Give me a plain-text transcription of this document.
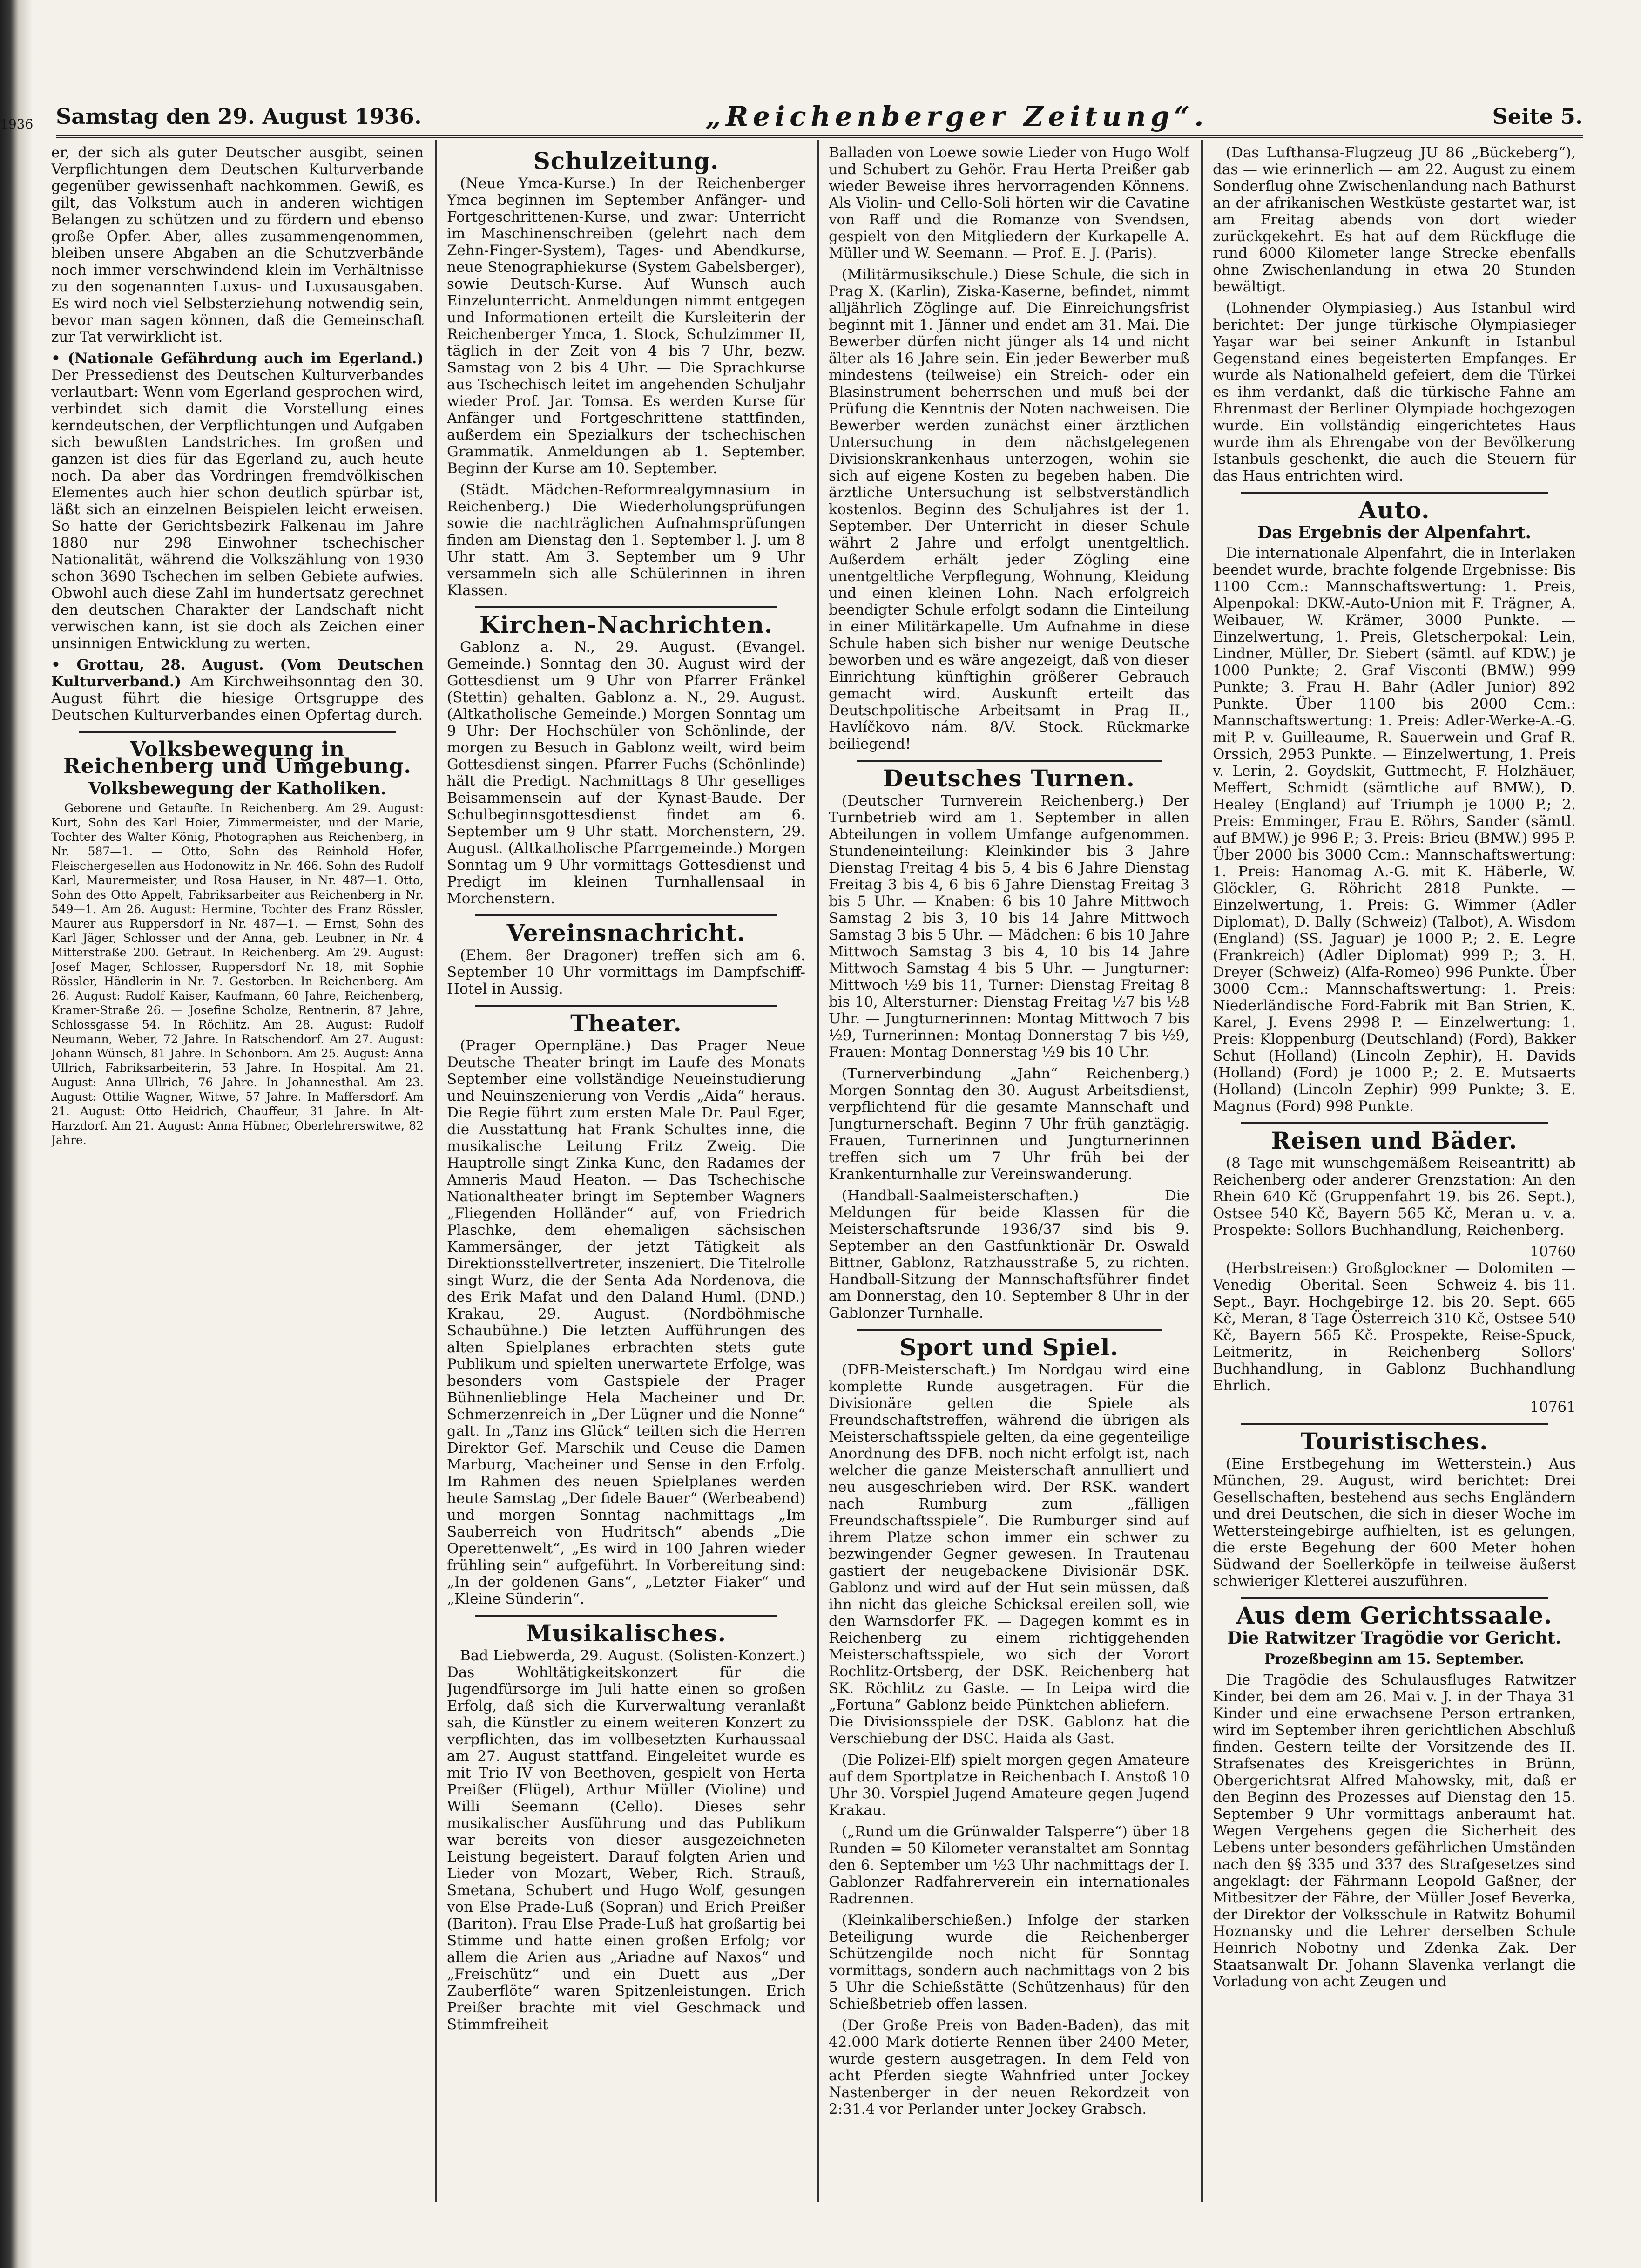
1936 Samstag den 29. August 1936.	„Reichenberger Zeitung“.	Seite 5.

er, der sich als guter Deutscher ausgibt, seinen Verpflichtungen dem Deutschen Kulturverbande gegenüber gewissenhaft nachkommen. Gewiß, es gilt, das Volkstum auch in anderen wichtigen Belangen zu schützen und zu fördern und ebenso große Opfer. Aber, alles zusammengenommen, bleiben unsere Abgaben an die Schutzverbände noch immer verschwindend klein im Verhältnisse zu den sogenannten Luxus- und Luxusausgaben. Es wird noch viel Selbsterziehung notwendig sein, bevor man sagen können, daß die Gemeinschaft zur Tat verwirklicht ist.

• (Nationale Gefährdung auch im Egerland.) Der Pressedienst des Deutschen Kulturverbandes verlautbart: Wenn vom Egerland gesprochen wird, verbindet sich damit die Vorstellung eines kerndeutschen, der Verpflichtungen und Aufgaben sich bewußten Landstriches. Im großen und ganzen ist dies für das Egerland zu, auch heute noch. Da aber das Vordringen fremdvölkischen Elementes auch hier schon deutlich spürbar ist, läßt sich an einzelnen Beispielen leicht erweisen. So hatte der Gerichtsbezirk Falkenau im Jahre 1880 nur 298 Einwohner tschechischer Nationalität, während die Volkszählung von 1930 schon 3690 Tschechen im selben Gebiete aufwies. Obwohl auch diese Zahl im hundertsatz gerechnet den deutschen Charakter der Landschaft nicht verwischen kann, ist sie doch als Zeichen einer unsinnigen Entwicklung zu werten.

• Grottau, 28. August. (Vom Deutschen Kulturverband.) Am Kirchweihsonntag den 30. August führt die hiesige Ortsgruppe des Deutschen Kulturverbandes einen Opfertag durch.

Volksbewegung in Reichenberg und Umgebung.
Volksbewegung der Katholiken.

Geborene und Getaufte. In Reichenberg. Am 29. August: Kurt, Sohn des Karl Hoier, Zimmermeister, und der Marie, Tochter des Walter König, Photographen aus Reichenberg, in Nr. 587—1. — Otto, Sohn des Reinhold Hofer, Fleischergesellen aus Hodonowitz in Nr. 466. Sohn des Rudolf Karl, Maurermeister, und Rosa Hauser, in Nr. 487—1. Otto, Sohn des Otto Appelt, Fabriksarbeiter aus Reichenberg in Nr. 549—1. Am 26. August: Hermine, Tochter des Franz Rössler, Maurer aus Ruppersdorf in Nr. 487—1. — Ernst, Sohn des Karl Jäger, Schlosser und der Anna, geb. Leubner, in Nr. 4 Mitterstraße 200. Getraut. In Reichenberg. Am 29. August: Josef Mager, Schlosser, Ruppersdorf Nr. 18, mit Sophie Rössler, Händlerin in Nr. 7. Gestorben. In Reichenberg. Am 26. August: Rudolf Kaiser, Kaufmann, 60 Jahre, Reichenberg, Kramer-Straße 26. — Josefine Scholze, Rentnerin, 87 Jahre, Schlossgasse 54. In Röchlitz. Am 28. August: Rudolf Neumann, Weber, 72 Jahre. In Ratschendorf. Am 27. August: Johann Wünsch, 81 Jahre. In Schönborn. Am 25. August: Anna Ullrich, Fabriksarbeiterin, 53 Jahre. In Hospital. Am 21. August: Anna Ullrich, 76 Jahre. In Johannesthal. Am 23. August: Ottilie Wagner, Witwe, 57 Jahre. In Maffersdorf. Am 21. August: Otto Heidrich, Chauffeur, 31 Jahre. In Alt-Harzdorf. Am 21. August: Anna Hübner, Oberlehrerswitwe, 82 Jahre.

Schulzeitung.

(Neue Ymca-Kurse.) In der Reichenberger Ymca beginnen im September Anfänger- und Fortgeschrittenen-Kurse, und zwar: Unterricht im Maschinenschreiben (gelehrt nach dem Zehn-Finger-System), Tages- und Abendkurse, neue Stenographiekurse (System Gabelsberger), sowie Deutsch-Kurse. Auf Wunsch auch Einzelunterricht. Anmeldungen nimmt entgegen und Informationen erteilt die Kursleiterin der Reichenberger Ymca, 1. Stock, Schulzimmer II, täglich in der Zeit von 4 bis 7 Uhr, bezw. Samstag von 2 bis 4 Uhr. — Die Sprachkurse aus Tschechisch leitet im angehenden Schuljahr wieder Prof. Jar. Tomsa. Es werden Kurse für Anfänger und Fortgeschrittene stattfinden, außerdem ein Spezialkurs der tschechischen Grammatik. Anmeldungen ab 1. September. Beginn der Kurse am 10. September.

(Städt. Mädchen-Reformrealgymnasium in Reichenberg.) Die Wiederholungsprüfungen sowie die nachträglichen Aufnahmsprüfungen finden am Dienstag den 1. September l. J. um 8 Uhr statt. Am 3. September um 9 Uhr versammeln sich alle Schülerinnen in ihren Klassen.

Kirchen-Nachrichten.

Gablonz a. N., 29. August. (Evangel. Gemeinde.) Sonntag den 30. August wird der Gottesdienst um 9 Uhr von Pfarrer Fränkel (Stettin) gehalten. Gablonz a. N., 29. August. (Altkatholische Gemeinde.) Morgen Sonntag um 9 Uhr: Der Hochschüler von Schönlinde, der morgen zu Besuch in Gablonz weilt, wird beim Gottesdienst singen. Pfarrer Fuchs (Schönlinde) hält die Predigt. Nachmittags 8 Uhr geselliges Beisammensein auf der Kynast-Baude. Der Schulbeginnsgottesdienst findet am 6. September um 9 Uhr statt. Morchenstern, 29. August. (Altkatholische Pfarrgemeinde.) Morgen Sonntag um 9 Uhr vormittags Gottesdienst und Predigt im kleinen Turnhallensaal in Morchenstern.

Vereinsnachricht.

(Ehem. 8er Dragoner) treffen sich am 6. September 10 Uhr vormittags im Dampfschiff-Hotel in Aussig.

Theater.

(Prager Opernpläne.) Das Prager Neue Deutsche Theater bringt im Laufe des Monats September eine vollständige Neueinstudierung und Neuinszenierung von Verdis „Aida“ heraus. Die Regie führt zum ersten Male Dr. Paul Eger, die Ausstattung hat Frank Schultes inne, die musikalische Leitung Fritz Zweig. Die Hauptrolle singt Zinka Kunc, den Radames der Amneris Maud Heaton. — Das Tschechische Nationaltheater bringt im September Wagners „Fliegenden Holländer“ auf, von Friedrich Plaschke, dem ehemaligen sächsischen Kammersänger, der jetzt Tätigkeit als Direktionsstellvertreter, inszeniert. Die Titelrolle singt Wurz, die der Senta Ada Nordenova, die des Erik Mafat und den Daland Huml. (DND.) Krakau, 29. August. (Nordböhmische Schaubühne.) Die letzten Aufführungen des alten Spielplanes erbrachten stets gute Publikum und spielten unerwartete Erfolge, was besonders vom Gastspiele der Prager Bühnenlieblinge Hela Macheiner und Dr. Schmerzenreich in „Der Lügner und die Nonne“ galt. In „Tanz ins Glück“ teilten sich die Herren Direktor Gef. Marschik und Ceuse die Damen Marburg, Macheiner und Sense in den Erfolg. Im Rahmen des neuen Spielplanes werden heute Samstag „Der fidele Bauer“ (Werbeabend) und morgen Sonntag nachmittags „Im Sauberreich von Hudritsch“ abends „Die Operettenwelt“, „Es wird in 100 Jahren wieder frühling sein“ aufgeführt. In Vorbereitung sind: „In der goldenen Gans“, „Letzter Fiaker“ und „Kleine Sünderin“.

Musikalisches.

Bad Liebwerda, 29. August. (Solisten-Konzert.) Das Wohltätigkeitskonzert für die Jugendfürsorge im Juli hatte einen so großen Erfolg, daß sich die Kurverwaltung veranlaßt sah, die Künstler zu einem weiteren Konzert zu verpflichten, das im vollbesetzten Kurhaussaal am 27. August stattfand. Eingeleitet wurde es mit Trio IV von Beethoven, gespielt von Herta Preißer (Flügel), Arthur Müller (Violine) und Willi Seemann (Cello). Dieses sehr musikalischer Ausführung und das Publikum war bereits von dieser ausgezeichneten Leistung begeistert. Darauf folgten Arien und Lieder von Mozart, Weber, Rich. Strauß, Smetana, Schubert und Hugo Wolf, gesungen von Else Prade-Luß (Sopran) und Erich Preißer (Bariton). Frau Else Prade-Luß hat großartig bei Stimme und hatte einen großen Erfolg; vor allem die Arien aus „Ariadne auf Naxos“ und „Freischütz“ und ein Duett aus „Der Zauberflöte“ waren Spitzenleistungen. Erich Preißer brachte mit viel Geschmack und Stimmfreiheit

Balladen von Loewe sowie Lieder von Hugo Wolf und Schubert zu Gehör. Frau Herta Preißer gab wieder Beweise ihres hervorragenden Könnens. Als Violin- und Cello-Soli hörten wir die Cavatine von Raff und die Romanze von Svendsen, gespielt von den Mitgliedern der Kurkapelle A. Müller und W. Seemann. — Prof. E. J. (Paris).

(Militärmusikschule.) Diese Schule, die sich in Prag X. (Karlin), Ziska-Kaserne, befindet, nimmt alljährlich Zöglinge auf. Die Einreichungsfrist beginnt mit 1. Jänner und endet am 31. Mai. Die Bewerber dürfen nicht jünger als 14 und nicht älter als 16 Jahre sein. Ein jeder Bewerber muß mindestens (teilweise) ein Streich- oder ein Blasinstrument beherrschen und muß bei der Prüfung die Kenntnis der Noten nachweisen. Die Bewerber werden zunächst einer ärztlichen Untersuchung in dem nächstgelegenen Divisionskrankenhaus unterzogen, wohin sie sich auf eigene Kosten zu begeben haben. Die ärztliche Untersuchung ist selbstverständlich kostenlos. Beginn des Schuljahres ist der 1. September. Der Unterricht in dieser Schule währt 2 Jahre und erfolgt unentgeltlich. Außerdem erhält jeder Zögling eine unentgeltliche Verpflegung, Wohnung, Kleidung und einen kleinen Lohn. Nach erfolgreich beendigter Schule erfolgt sodann die Einteilung in einer Militärkapelle. Um Aufnahme in diese Schule haben sich bisher nur wenige Deutsche beworben und es wäre angezeigt, daß von dieser Einrichtung künftighin größerer Gebrauch gemacht wird. Auskunft erteilt das Deutschpolitische Arbeitsamt in Prag II., Havlíčkovo nám. 8/V. Stock. Rückmarke beiliegend!

Deutsches Turnen.

(Deutscher Turnverein Reichenberg.) Der Turnbetrieb wird am 1. September in allen Abteilungen in vollem Umfange aufgenommen. Stundeneinteilung: Kleinkinder bis 3 Jahre Dienstag Freitag 4 bis 5, 4 bis 6 Jahre Dienstag Freitag 3 bis 4, 6 bis 6 Jahre Dienstag Freitag 3 bis 5 Uhr. — Knaben: 6 bis 10 Jahre Mittwoch Samstag 2 bis 3, 10 bis 14 Jahre Mittwoch Samstag 3 bis 5 Uhr. — Mädchen: 6 bis 10 Jahre Mittwoch Samstag 3 bis 4, 10 bis 14 Jahre Mittwoch Samstag 4 bis 5 Uhr. — Jungturner: Mittwoch ½9 bis 11, Turner: Dienstag Freitag 8 bis 10, Altersturner: Dienstag Freitag ½7 bis ½8 Uhr. — Jungturnerinnen: Montag Mittwoch 7 bis ½9, Turnerinnen: Montag Donnerstag 7 bis ½9, Frauen: Montag Donnerstag ½9 bis 10 Uhr.

(Turnerverbindung „Jahn“ Reichenberg.) Morgen Sonntag den 30. August Arbeitsdienst, verpflichtend für die gesamte Mannschaft und Jungturnerschaft. Beginn 7 Uhr früh ganztägig. Frauen, Turnerinnen und Jungturnerinnen treffen sich um 7 Uhr früh bei der Krankenturnhalle zur Vereinswanderung.

(Handball-Saalmeisterschaften.) Die Meldungen für beide Klassen für die Meisterschaftsrunde 1936/37 sind bis 9. September an den Gastfunktionär Dr. Oswald Bittner, Gablonz, Ratzhausstraße 5, zu richten. Handball-Sitzung der Mannschaftsführer findet am Donnerstag, den 10. September 8 Uhr in der Gablonzer Turnhalle.

Sport und Spiel.

(DFB-Meisterschaft.) Im Nordgau wird eine komplette Runde ausgetragen. Für die Divisionäre gelten die Spiele als Freundschaftstreffen, während die übrigen als Meisterschaftsspiele gelten, da eine gegenteilige Anordnung des DFB. noch nicht erfolgt ist, nach welcher die ganze Meisterschaft annulliert und neu ausgeschrieben wird. Der RSK. wandert nach Rumburg zum „fälligen Freundschaftsspiele“. Die Rumburger sind auf ihrem Platze schon immer ein schwer zu bezwingender Gegner gewesen. In Trautenau gastiert der neugebackene Divisionär DSK. Gablonz und wird auf der Hut sein müssen, daß ihn nicht das gleiche Schicksal ereilen soll, wie den Warnsdorfer FK. — Dagegen kommt es in Reichenberg zu einem richtiggehenden Meisterschaftsspiele, wo sich der Vorort Rochlitz-Ortsberg, der DSK. Reichenberg hat SK. Röchlitz zu Gaste. — In Leipa wird die „Fortuna“ Gablonz beide Pünktchen abliefern. — Die Divisionsspiele der DSK. Gablonz hat die Verschiebung der DSC. Haida als Gast.

(Die Polizei-Elf) spielt morgen gegen Amateure auf dem Sportplatze in Reichenbach I. Anstoß 10 Uhr 30. Vorspiel Jugend Amateure gegen Jugend Krakau.

(„Rund um die Grünwalder Talsperre“) über 18 Runden = 50 Kilometer veranstaltet am Sonntag den 6. September um ½3 Uhr nachmittags der I. Gablonzer Radfahrerverein ein internationales Radrennen.

(Kleinkaliberschießen.) Infolge der starken Beteiligung wurde die Reichenberger Schützengilde noch nicht für Sonntag vormittags, sondern auch nachmittags von 2 bis 5 Uhr die Schießstätte (Schützenhaus) für den Schießbetrieb offen lassen.

(Der Große Preis von Baden-Baden), das mit 42.000 Mark dotierte Rennen über 2400 Meter, wurde gestern ausgetragen. In dem Feld von acht Pferden siegte Wahnfried unter Jockey Nastenberger in der neuen Rekordzeit von 2:31.4 vor Perlander unter Jockey Grabsch.

(Das Lufthansa-Flugzeug JU 86 „Bückeberg“), das — wie erinnerlich — am 22. August zu einem Sonderflug ohne Zwischenlandung nach Bathurst an der afrikanischen Westküste gestartet war, ist am Freitag abends von dort wieder zurückgekehrt. Es hat auf dem Rückfluge die rund 6000 Kilometer lange Strecke ebenfalls ohne Zwischenlandung in etwa 20 Stunden bewältigt.

(Lohnender Olympiasieg.) Aus Istanbul wird berichtet: Der junge türkische Olympiasieger Yaşar war bei seiner Ankunft in Istanbul Gegenstand eines begeisterten Empfanges. Er wurde als Nationalheld gefeiert, dem die Türkei es ihm verdankt, daß die türkische Fahne am Ehrenmast der Berliner Olympiade hochgezogen wurde. Ein vollständig eingerichtetes Haus wurde ihm als Ehrengabe von der Bevölkerung Istanbuls geschenkt, die auch die Steuern für das Haus entrichten wird.

Auto.
Das Ergebnis der Alpenfahrt.

Die internationale Alpenfahrt, die in Interlaken beendet wurde, brachte folgende Ergebnisse: Bis 1100 Ccm.: Mannschaftswertung: 1. Preis, Alpenpokal: DKW.-Auto-Union mit F. Trägner, A. Weibauer, W. Krämer, 3000 Punkte. — Einzelwertung, 1. Preis, Gletscherpokal: Lein, Lindner, Müller, Dr. Siebert (sämtl. auf KDW.) je 1000 Punkte; 2. Graf Visconti (BMW.) 999 Punkte; 3. Frau H. Bahr (Adler Junior) 892 Punkte. Über 1100 bis 2000 Ccm.: Mannschaftswertung: 1. Preis: Adler-Werke-A.-G. mit P. v. Guilleaume, R. Sauerwein und Graf R. Orssich, 2953 Punkte. — Einzelwertung, 1. Preis v. Lerin, 2. Goydskit, Guttmecht, F. Holzhäuer, Meffert, Schmidt (sämtliche auf BMW.), D. Healey (England) auf Triumph je 1000 P.; 2. Preis: Emminger, Frau E. Röhrs, Sander (sämtl. auf BMW.) je 996 P.; 3. Preis: Brieu (BMW.) 995 P. Über 2000 bis 3000 Ccm.: Mannschaftswertung: 1. Preis: Hanomag A.-G. mit K. Häberle, W. Glöckler, G. Röhricht 2818 Punkte. — Einzelwertung, 1. Preis: G. Wimmer (Adler Diplomat), D. Bally (Schweiz) (Talbot), A. Wisdom (England) (SS. Jaguar) je 1000 P.; 2. E. Legre (Frankreich) (Adler Diplomat) 999 P.; 3. H. Dreyer (Schweiz) (Alfa-Romeo) 996 Punkte. Über 3000 Ccm.: Mannschaftswertung: 1. Preis: Niederländische Ford-Fabrik mit Ban Strien, K. Karel, J. Evens 2998 P. — Einzelwertung: 1. Preis: Kloppenburg (Deutschland) (Ford), Bakker Schut (Holland) (Lincoln Zephir), H. Davids (Holland) (Ford) je 1000 P.; 2. E. Mutsaerts (Holland) (Lincoln Zephir) 999 Punkte; 3. E. Magnus (Ford) 998 Punkte.

Reisen und Bäder.

(8 Tage mit wunschgemäßem Reiseantritt) ab Reichenberg oder anderer Grenzstation: An den Rhein 640 Kč (Gruppenfahrt 19. bis 26. Sept.), Ostsee 540 Kč, Bayern 565 Kč, Meran u. v. a. Prospekte: Sollors Buchhandlung, Reichenberg.

10760

(Herbstreisen:) Großglockner — Dolomiten — Venedig — Oberital. Seen — Schweiz 4. bis 11. Sept., Bayr. Hochgebirge 12. bis 20. Sept. 665 Kč, Meran, 8 Tage Österreich 310 Kč, Ostsee 540 Kč, Bayern 565 Kč. Prospekte, Reise-Spuck, Leitmeritz, in Reichenberg Sollors' Buchhandlung, in Gablonz Buchhandlung Ehrlich.

10761
Touristisches.

(Eine Erstbegehung im Wetterstein.) Aus München, 29. August, wird berichtet: Drei Gesellschaften, bestehend aus sechs Engländern und drei Deutschen, die sich in dieser Woche im Wettersteingebirge aufhielten, ist es gelungen, die erste Begehung der 600 Meter hohen Südwand der Soellerköpfe in teilweise äußerst schwieriger Kletterei auszuführen.

Aus dem Gerichtssaale.
Die Ratwitzer Tragödie vor Gericht.
Prozeßbeginn am 15. September.

Die Tragödie des Schulausfluges Ratwitzer Kinder, bei dem am 26. Mai v. J. in der Thaya 31 Kinder und eine erwachsene Person ertranken, wird im September ihren gerichtlichen Abschluß finden. Gestern teilte der Vorsitzende des II. Strafsenates des Kreisgerichtes in Brünn, Obergerichtsrat Alfred Mahowsky, mit, daß er den Beginn des Prozesses auf Dienstag den 15. September 9 Uhr vormittags anberaumt hat. Wegen Vergehens gegen die Sicherheit des Lebens unter besonders gefährlichen Umständen nach den §§ 335 und 337 des Strafgesetzes sind angeklagt: der Fährmann Leopold Gaßner, der Mitbesitzer der Fähre, der Müller Josef Beverka, der Direktor der Volksschule in Ratwitz Bohumil Hoznansky und die Lehrer derselben Schule Heinrich Nobotny und Zdenka Zak. Der Staatsanwalt Dr. Johann Slavenka verlangt die Vorladung von acht Zeugen und
